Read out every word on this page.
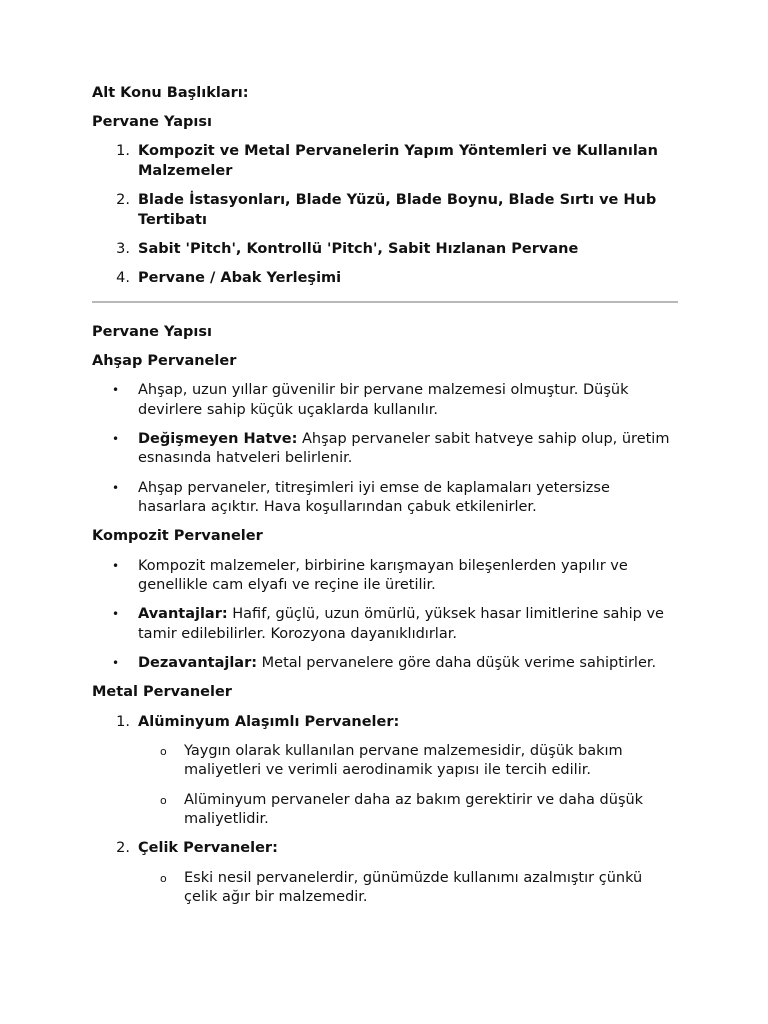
Alt Konu Başlıkları:

Pervane Yapısı

1. Kompozit ve Metal Pervanelerin Yapım Yöntemleri ve Kullanılan Malzemeler
2. Blade İstasyonları, Blade Yüzü, Blade Boynu, Blade Sırtı ve Hub Tertibatı
3. Sabit 'Pitch', Kontrollü 'Pitch', Sabit Hızlanan Pervane
4. Pervane / Abak Yerleşimi

Pervane Yapısı

Ahşap Pervaneler

• Ahşap, uzun yıllar güvenilir bir pervane malzemesi olmuştur. Düşük devirlere sahip küçük uçaklarda kullanılır.
• Değişmeyen Hatve: Ahşap pervaneler sabit hatveye sahip olup, üretim esnasında hatveleri belirlenir.
• Ahşap pervaneler, titreşimleri iyi emse de kaplamaları yetersizse hasarlara açıktır. Hava koşullarından çabuk etkilenirler.

Kompozit Pervaneler

• Kompozit malzemeler, birbirine karışmayan bileşenlerden yapılır ve genellikle cam elyafı ve reçine ile üretilir.
• Avantajlar: Hafif, güçlü, uzun ömürlü, yüksek hasar limitlerine sahip ve tamir edilebilirler. Korozyona dayanıklıdırlar.
• Dezavantajlar: Metal pervanelere göre daha düşük verime sahiptirler.

Metal Pervaneler

1. Alüminyum Alaşımlı Pervaneler:
o Yaygın olarak kullanılan pervane malzemesidir, düşük bakım maliyetleri ve verimli aerodinamik yapısı ile tercih edilir.
o Alüminyum pervaneler daha az bakım gerektirir ve daha düşük maliyetlidir.
2. Çelik Pervaneler:
o Eski nesil pervanelerdir, günümüzde kullanımı azalmıştır çünkü çelik ağır bir malzemedir.
